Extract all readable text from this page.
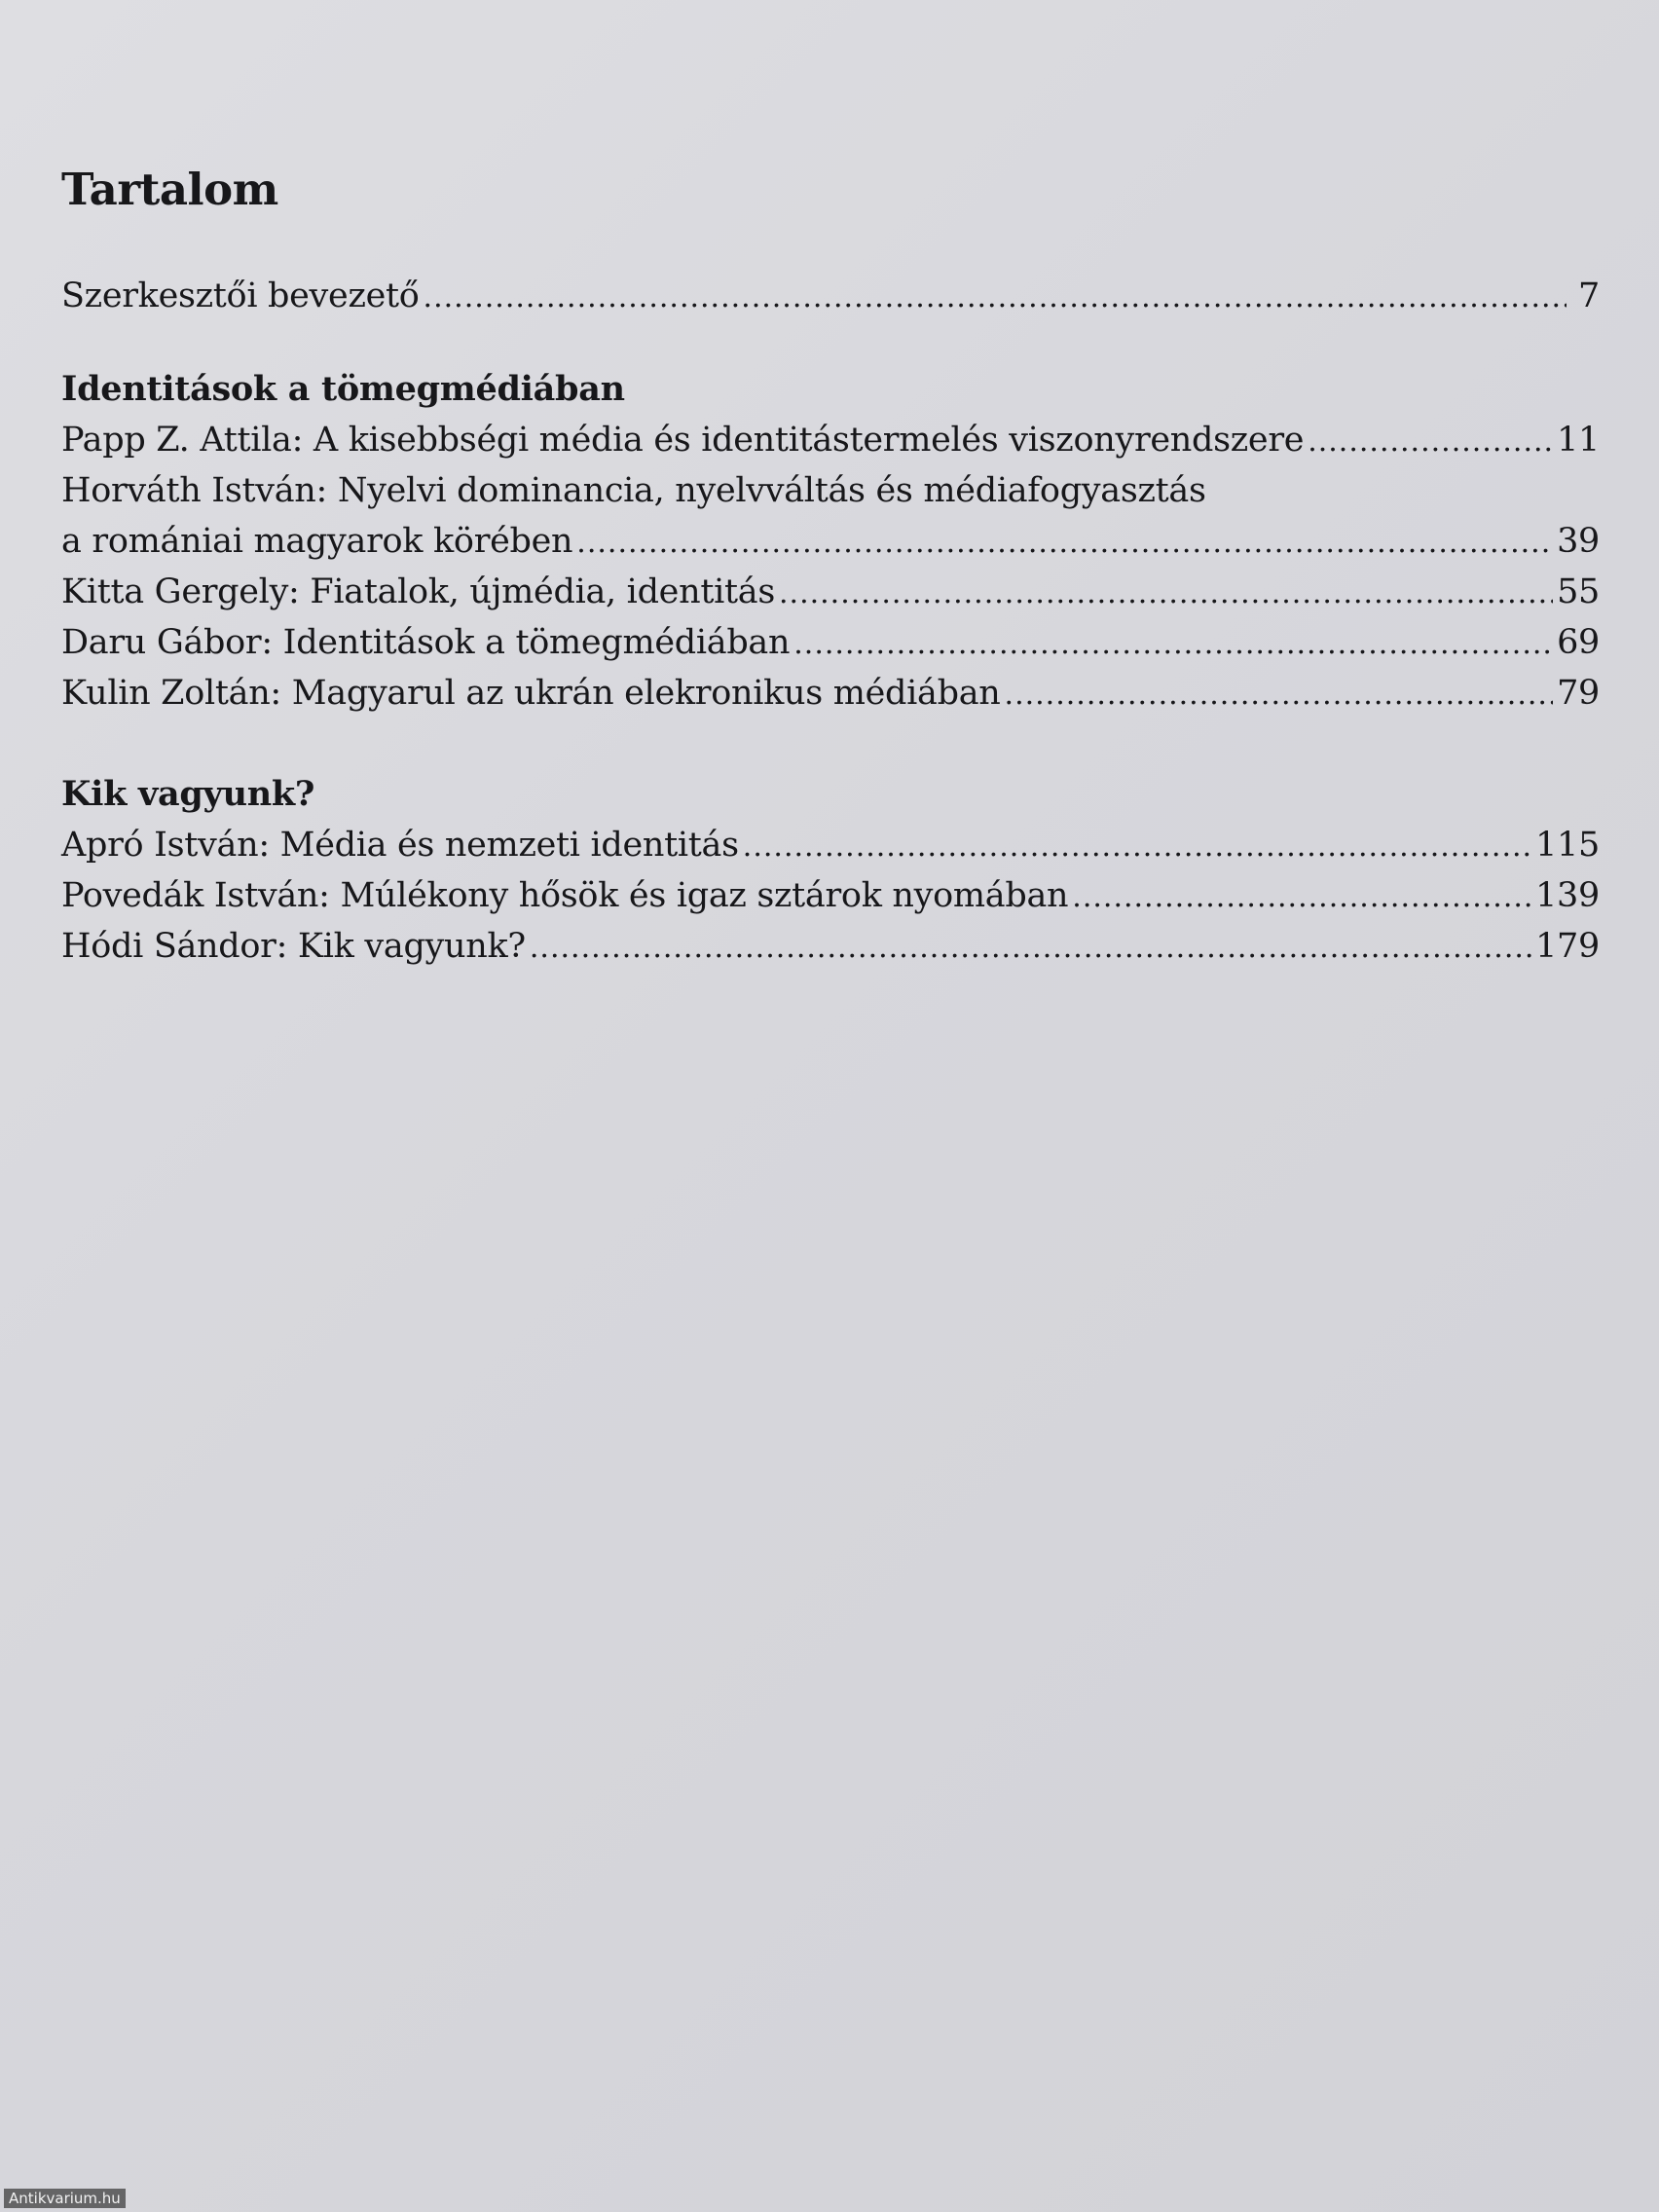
Tartalom
Szerkesztői bevezető .....	7
Identitások a tömegmédiában
Papp Z. Attila: A kisebbségi média és identitástermelés viszonyrendszere .....	11
Horváth István: Nyelvi dominancia, nyelvváltás és médiafogyasztás
a romániai magyarok körében .....	39
Kitta Gergely: Fiatalok, újmédia, identitás .....	55
Daru Gábor: Identitások a tömegmédiában .....	69
Kulin Zoltán: Magyarul az ukrán elekronikus médiában .....	79
Kik vagyunk?
Apró István: Média és nemzeti identitás .....	115
Povedák István: Múlékony hősök és igaz sztárok nyomában .....	139
Hódi Sándor: Kik vagyunk? .....	179
Antikvarium.hu
